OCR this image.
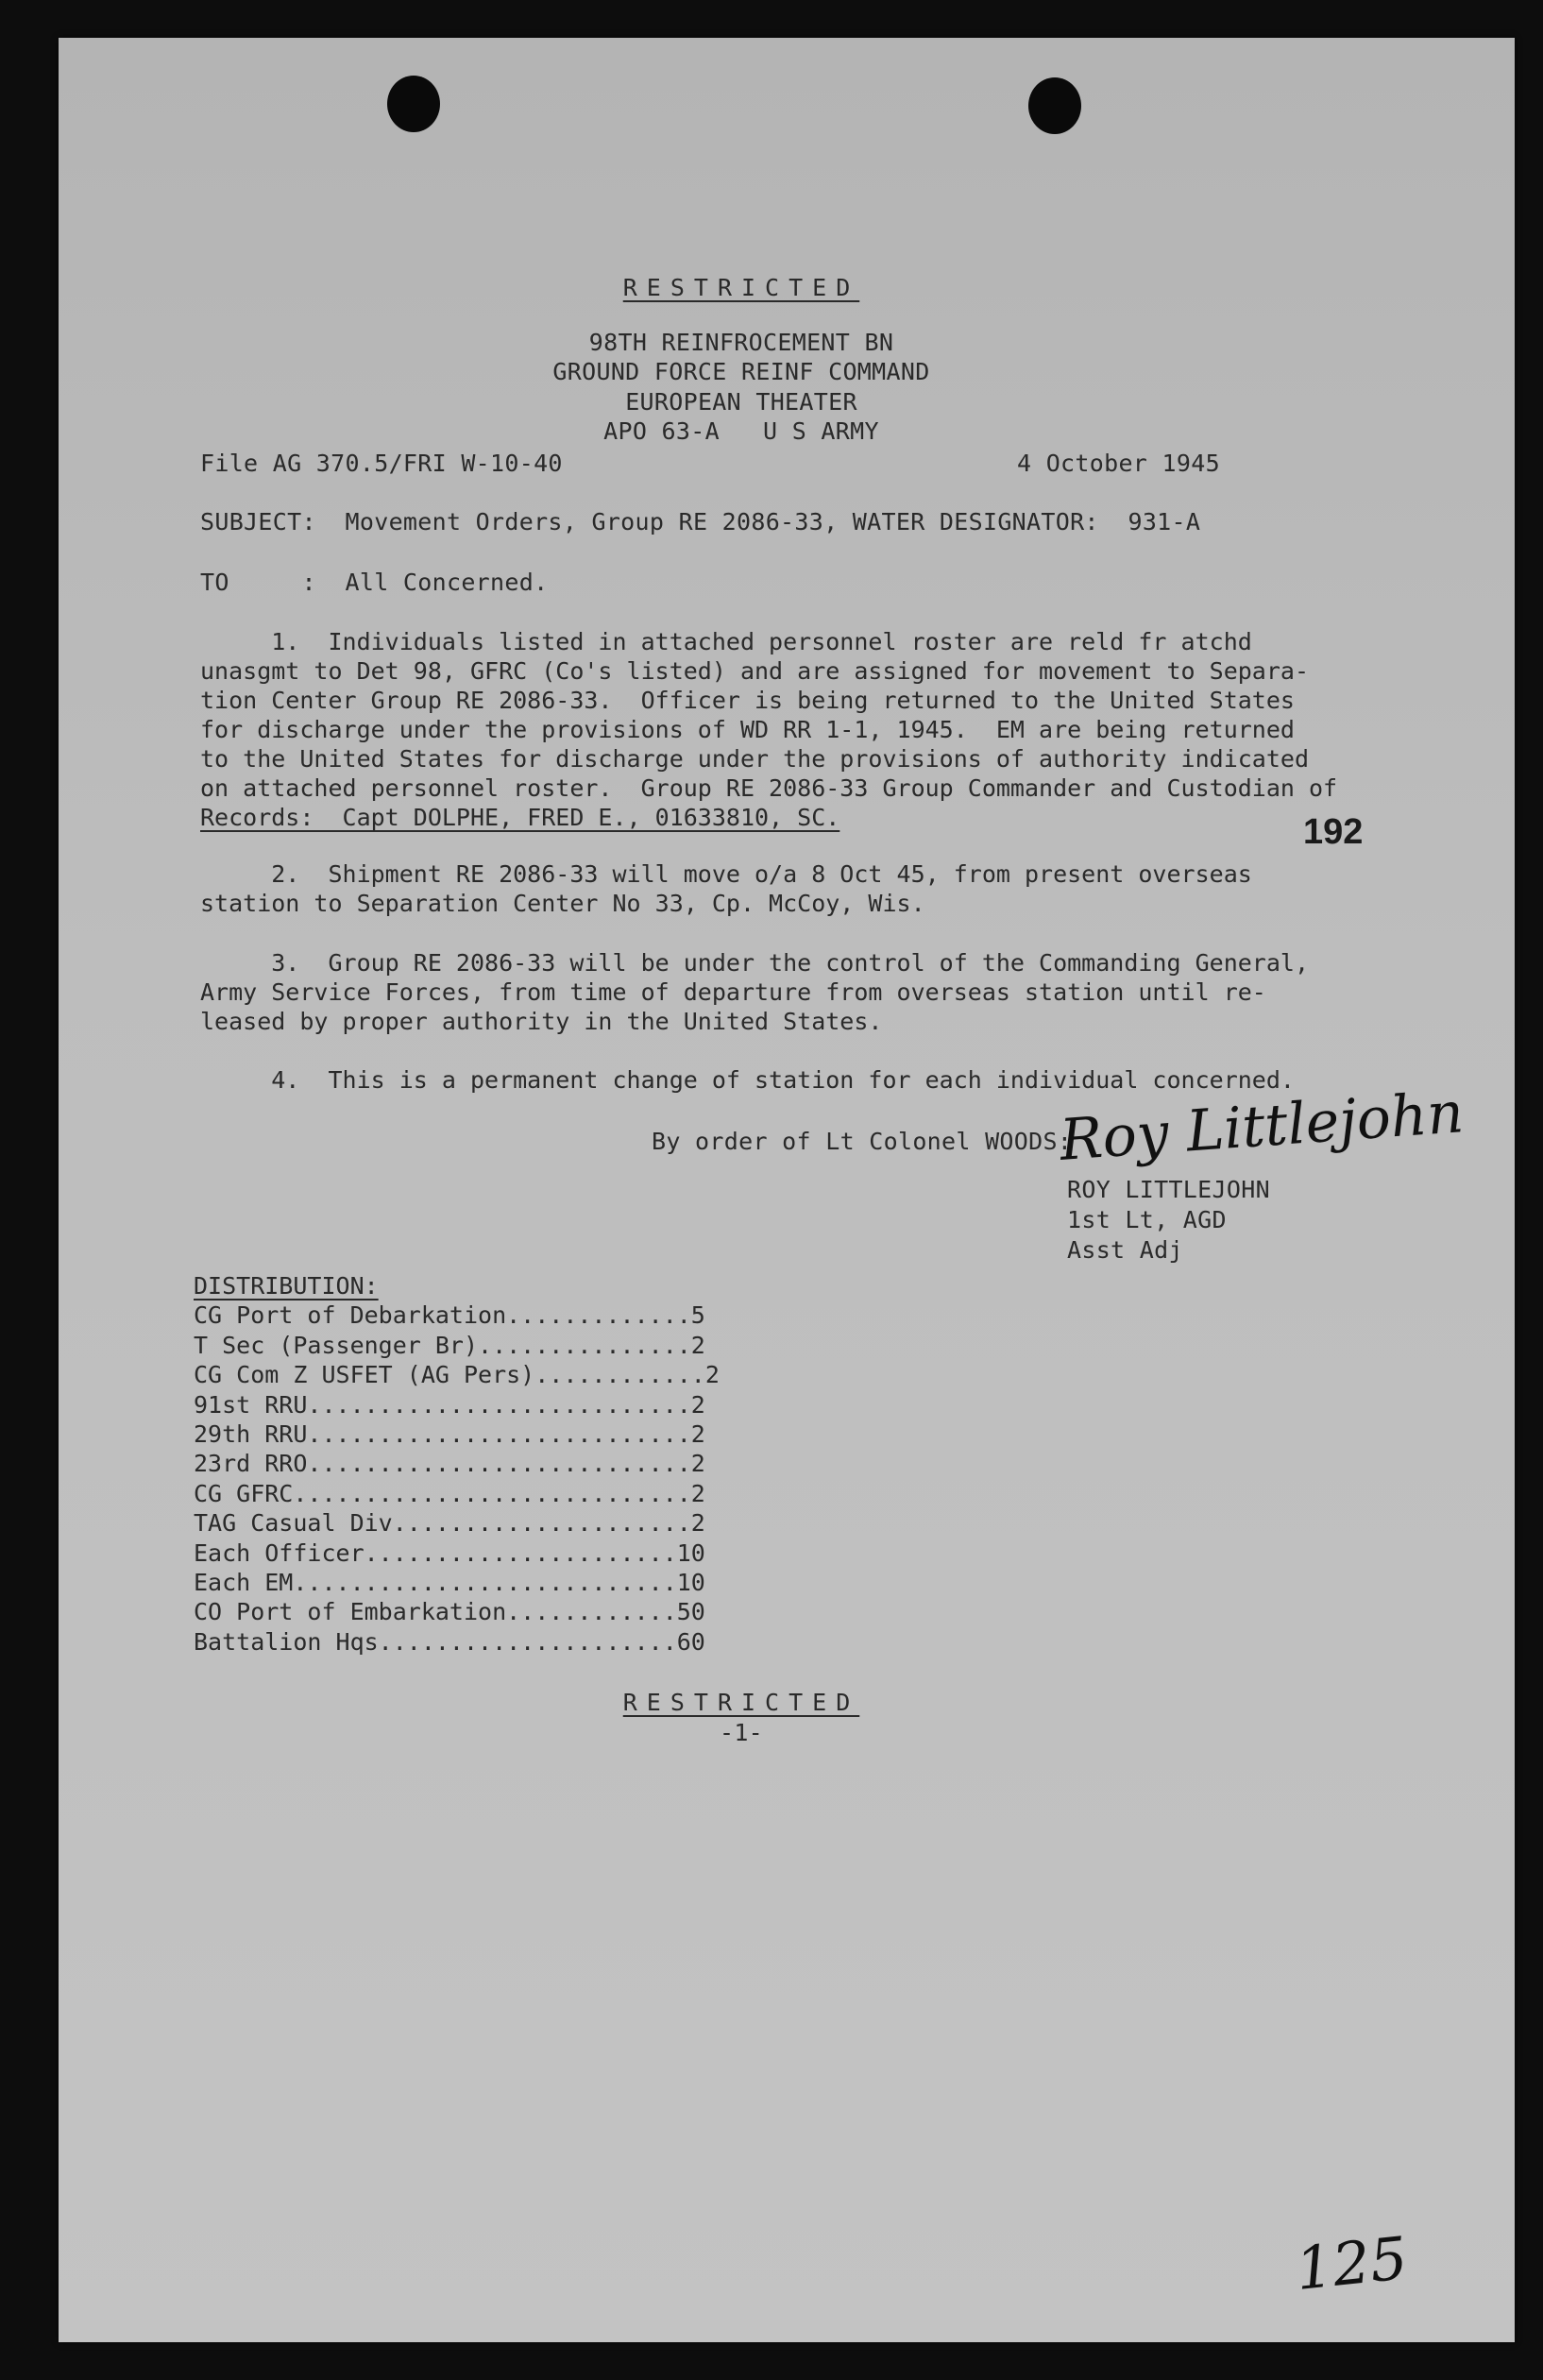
RESTRICTED
98TH REINFROCEMENT BN
GROUND FORCE REINF COMMAND
EUROPEAN THEATER
APO 63-A   U S ARMY
File AG 370.5/FRI W-10-40	4 October 1945
SUBJECT:  Movement Orders, Group RE 2086-33, WATER DESIGNATOR:  931-A
TO     :  All Concerned.
1.  Individuals listed in attached personnel roster are reld fr atchd
unasgmt to Det 98, GFRC (Co's listed) and are assigned for movement to Separa-
tion Center Group RE 2086-33.  Officer is being returned to the United States
for discharge under the provisions of WD RR 1-1, 1945.  EM are being returned
to the United States for discharge under the provisions of authority indicated
on attached personnel roster.  Group RE 2086-33 Group Commander and Custodian of
Records:  Capt DOLPHE, FRED E., 01633810, SC.	192
2.  Shipment RE 2086-33 will move o/a 8 Oct 45, from present overseas
station to Separation Center No 33, Cp. McCoy, Wis.
3.  Group RE 2086-33 will be under the control of the Commanding General,
Army Service Forces, from time of departure from overseas station until re-
leased by proper authority in the United States.
4.  This is a permanent change of station for each individual concerned.
By order of Lt Colonel WOODS:
Roy Littlejohn
ROY LITTLEJOHN
1st Lt, AGD
Asst Adj
DISTRIBUTION:
CG Port of Debarkation.............5
T Sec (Passenger Br)...............2
CG Com Z USFET (AG Pers)............2
91st RRU...........................2
29th RRU...........................2
23rd RRO...........................2
CG GFRC............................2
TAG Casual Div.....................2
Each Officer......................10
Each EM...........................10
CO Port of Embarkation............50
Battalion Hqs.....................60
RESTRICTED
-1-
125
